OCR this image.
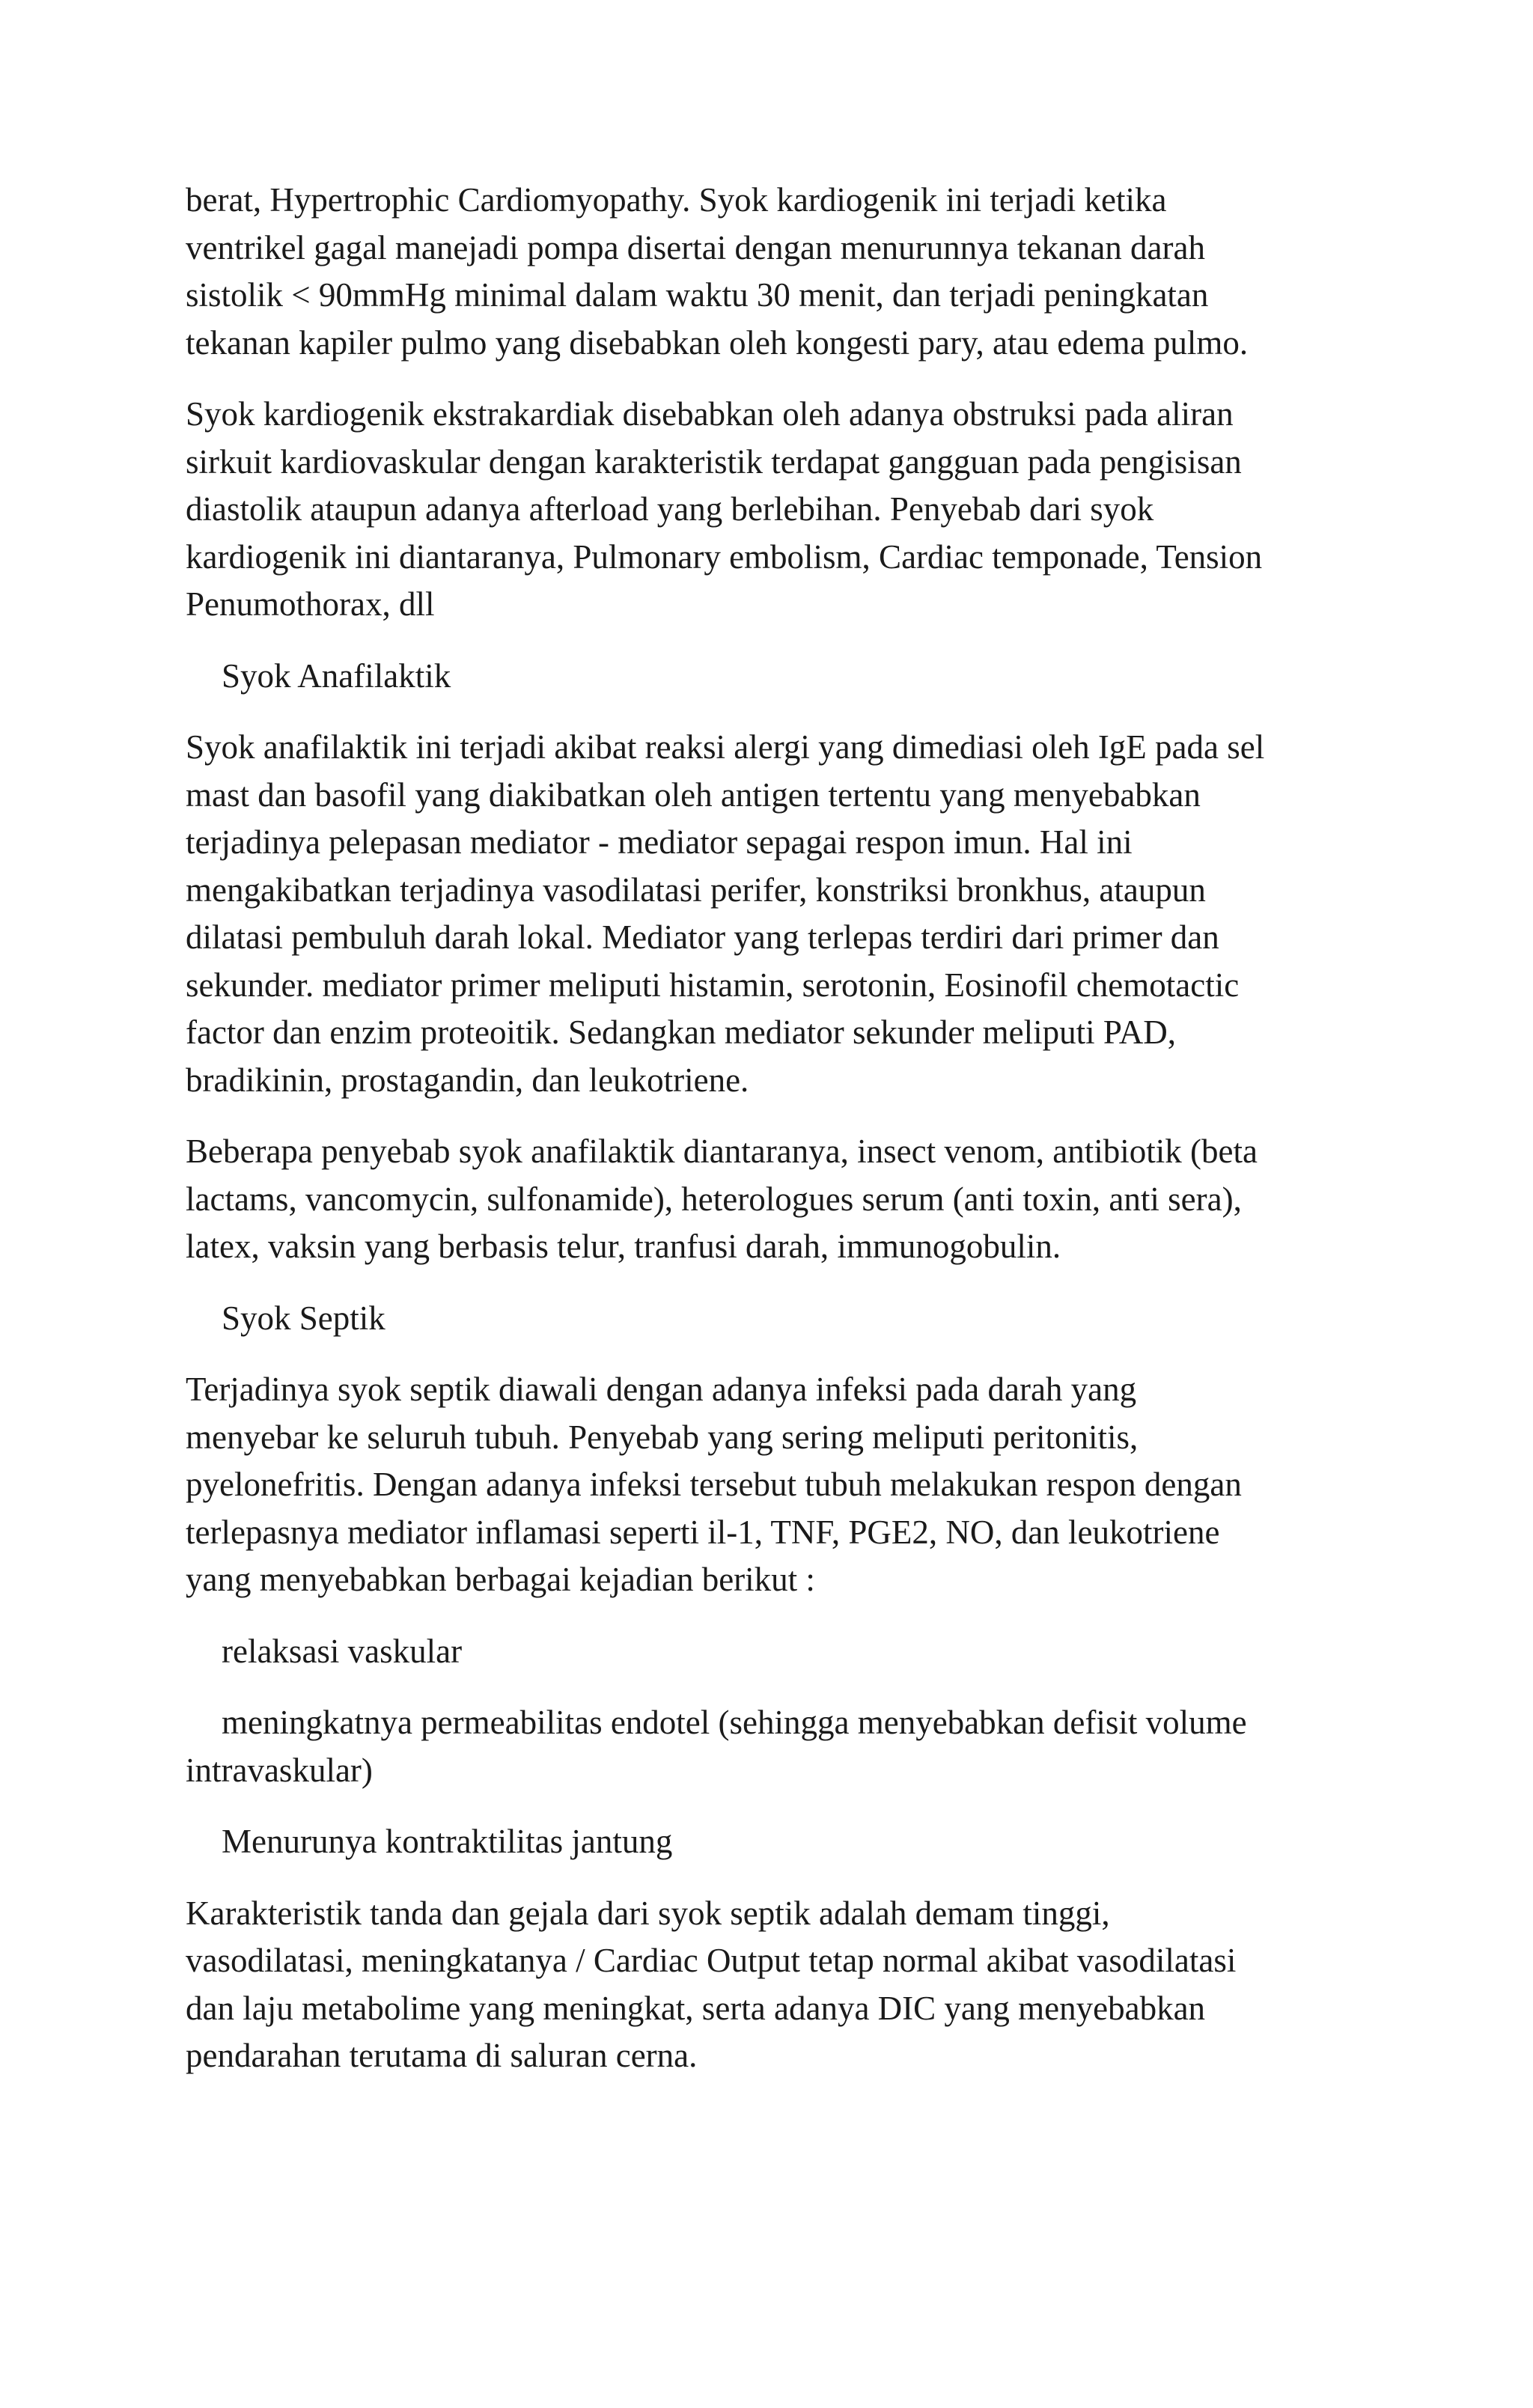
berat, Hypertrophic Cardiomyopathy. Syok kardiogenik ini terjadi ketika
ventrikel gagal manejadi pompa disertai dengan menurunnya tekanan darah
sistolik < 90mmHg minimal dalam waktu 30 menit, dan terjadi peningkatan
tekanan kapiler pulmo yang disebabkan oleh kongesti pary, atau edema pulmo.

Syok kardiogenik ekstrakardiak disebabkan oleh adanya obstruksi pada aliran
sirkuit kardiovaskular dengan karakteristik terdapat gangguan pada pengisisan
diastolik ataupun adanya afterload yang berlebihan. Penyebab dari syok
kardiogenik ini diantaranya, Pulmonary embolism, Cardiac temponade, Tension
Penumothorax, dll

Syok Anafilaktik

Syok anafilaktik ini terjadi akibat reaksi alergi yang dimediasi oleh IgE pada sel
mast dan basofil yang diakibatkan oleh antigen tertentu yang menyebabkan
terjadinya pelepasan mediator - mediator sepagai respon imun. Hal ini
mengakibatkan terjadinya vasodilatasi perifer, konstriksi bronkhus, ataupun
dilatasi pembuluh darah lokal. Mediator yang terlepas terdiri dari primer dan
sekunder. mediator primer meliputi histamin, serotonin, Eosinofil chemotactic
factor dan enzim proteoitik. Sedangkan mediator sekunder meliputi PAD,
bradikinin, prostagandin, dan leukotriene.

Beberapa penyebab syok anafilaktik diantaranya, insect venom, antibiotik (beta
lactams, vancomycin, sulfonamide), heterologues serum (anti toxin, anti sera),
latex, vaksin yang berbasis telur, tranfusi darah, immunogobulin.

Syok Septik

Terjadinya syok septik diawali dengan adanya infeksi pada darah yang
menyebar ke seluruh tubuh. Penyebab yang sering meliputi peritonitis,
pyelonefritis. Dengan adanya infeksi tersebut tubuh melakukan respon dengan
terlepasnya mediator inflamasi seperti il-1, TNF, PGE2, NO, dan leukotriene
yang menyebabkan berbagai kejadian berikut :

relaksasi vaskular

meningkatnya permeabilitas endotel (sehingga menyebabkan defisit volume
intravaskular)

Menurunya kontraktilitas jantung

Karakteristik tanda dan gejala dari syok septik adalah demam tinggi,
vasodilatasi, meningkatanya / Cardiac Output tetap normal akibat vasodilatasi
dan laju metabolime yang meningkat, serta adanya DIC yang menyebabkan
pendarahan terutama di saluran cerna.
